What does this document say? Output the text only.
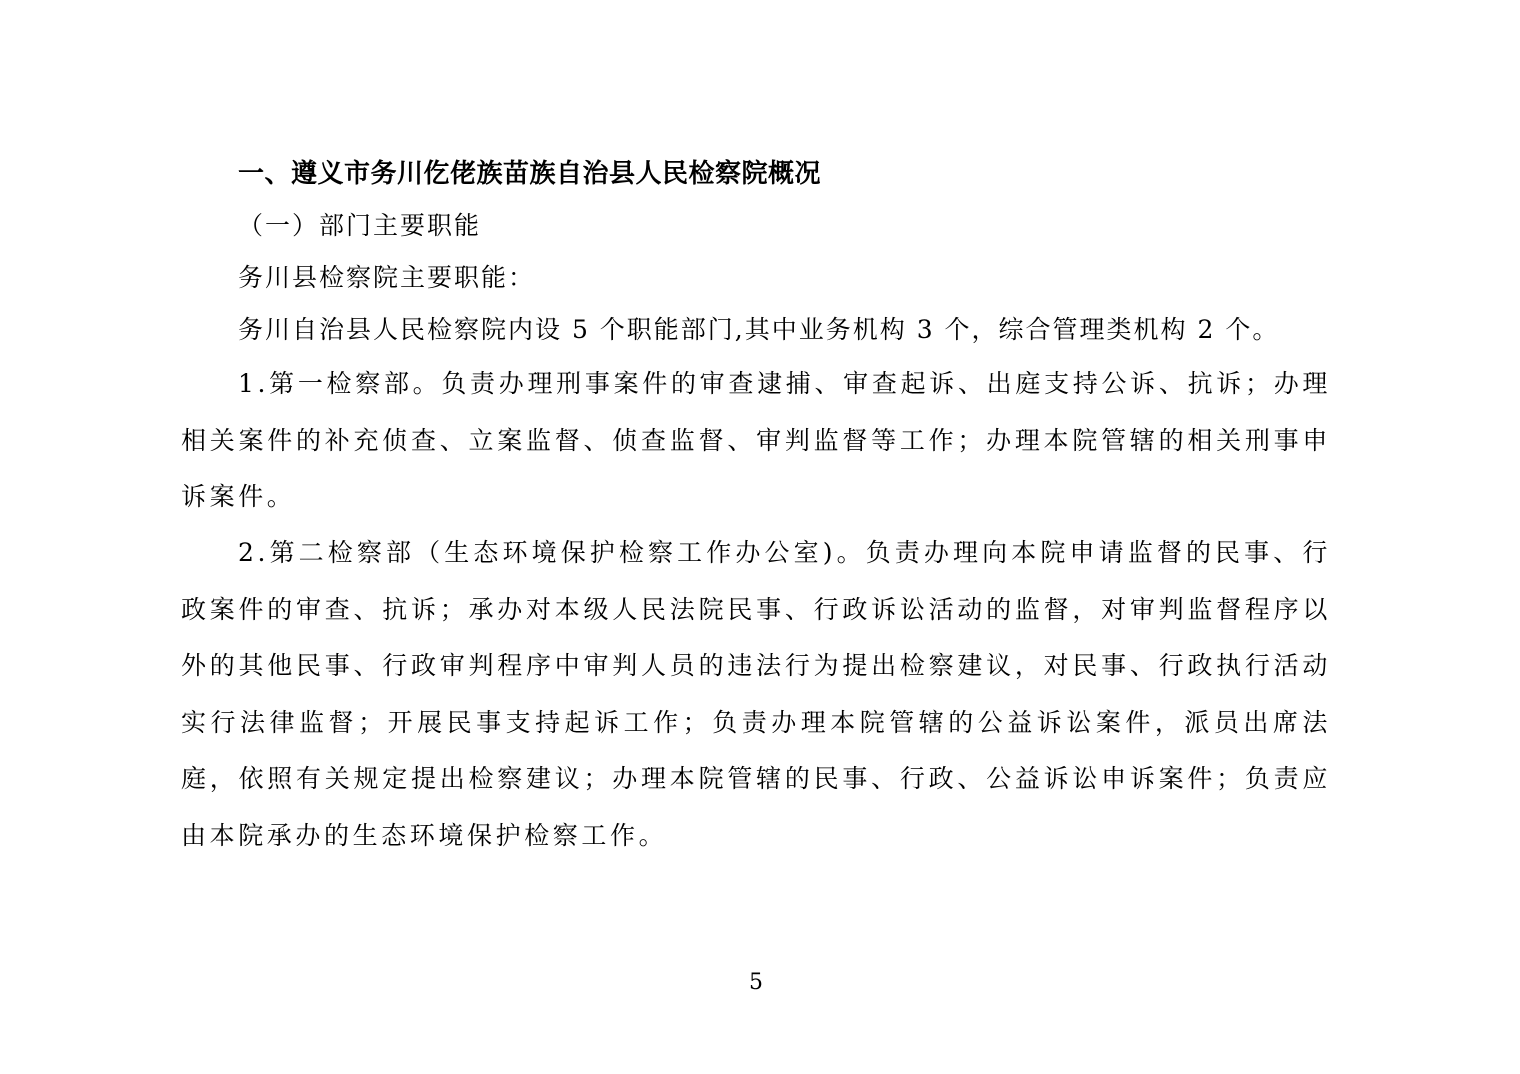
一、遵义市务川仡佬族苗族自治县人民检察院概况
（一）部门主要职能
务川县检察院主要职能：
务川自治县人民检察院内设 5 个职能部门,其中业务机构 3 个，综合管理类机构 2 个。
1.第一检察部。负责办理刑事案件的审查逮捕、审查起诉、出庭支持公诉、抗诉；办理相关案件的补充侦查、立案监督、侦查监督、审判监督等工作；办理本院管辖的相关刑事申诉案件。
2.第二检察部（生态环境保护检察工作办公室)。负责办理向本院申请监督的民事、行政案件的审查、抗诉；承办对本级人民法院民事、行政诉讼活动的监督，对审判监督程序以外的其他民事、行政审判程序中审判人员的违法行为提出检察建议，对民事、行政执行活动实行法律监督；开展民事支持起诉工作；负责办理本院管辖的公益诉讼案件，派员出席法庭，依照有关规定提出检察建议；办理本院管辖的民事、行政、公益诉讼申诉案件；负责应由本院承办的生态环境保护检察工作。
5
